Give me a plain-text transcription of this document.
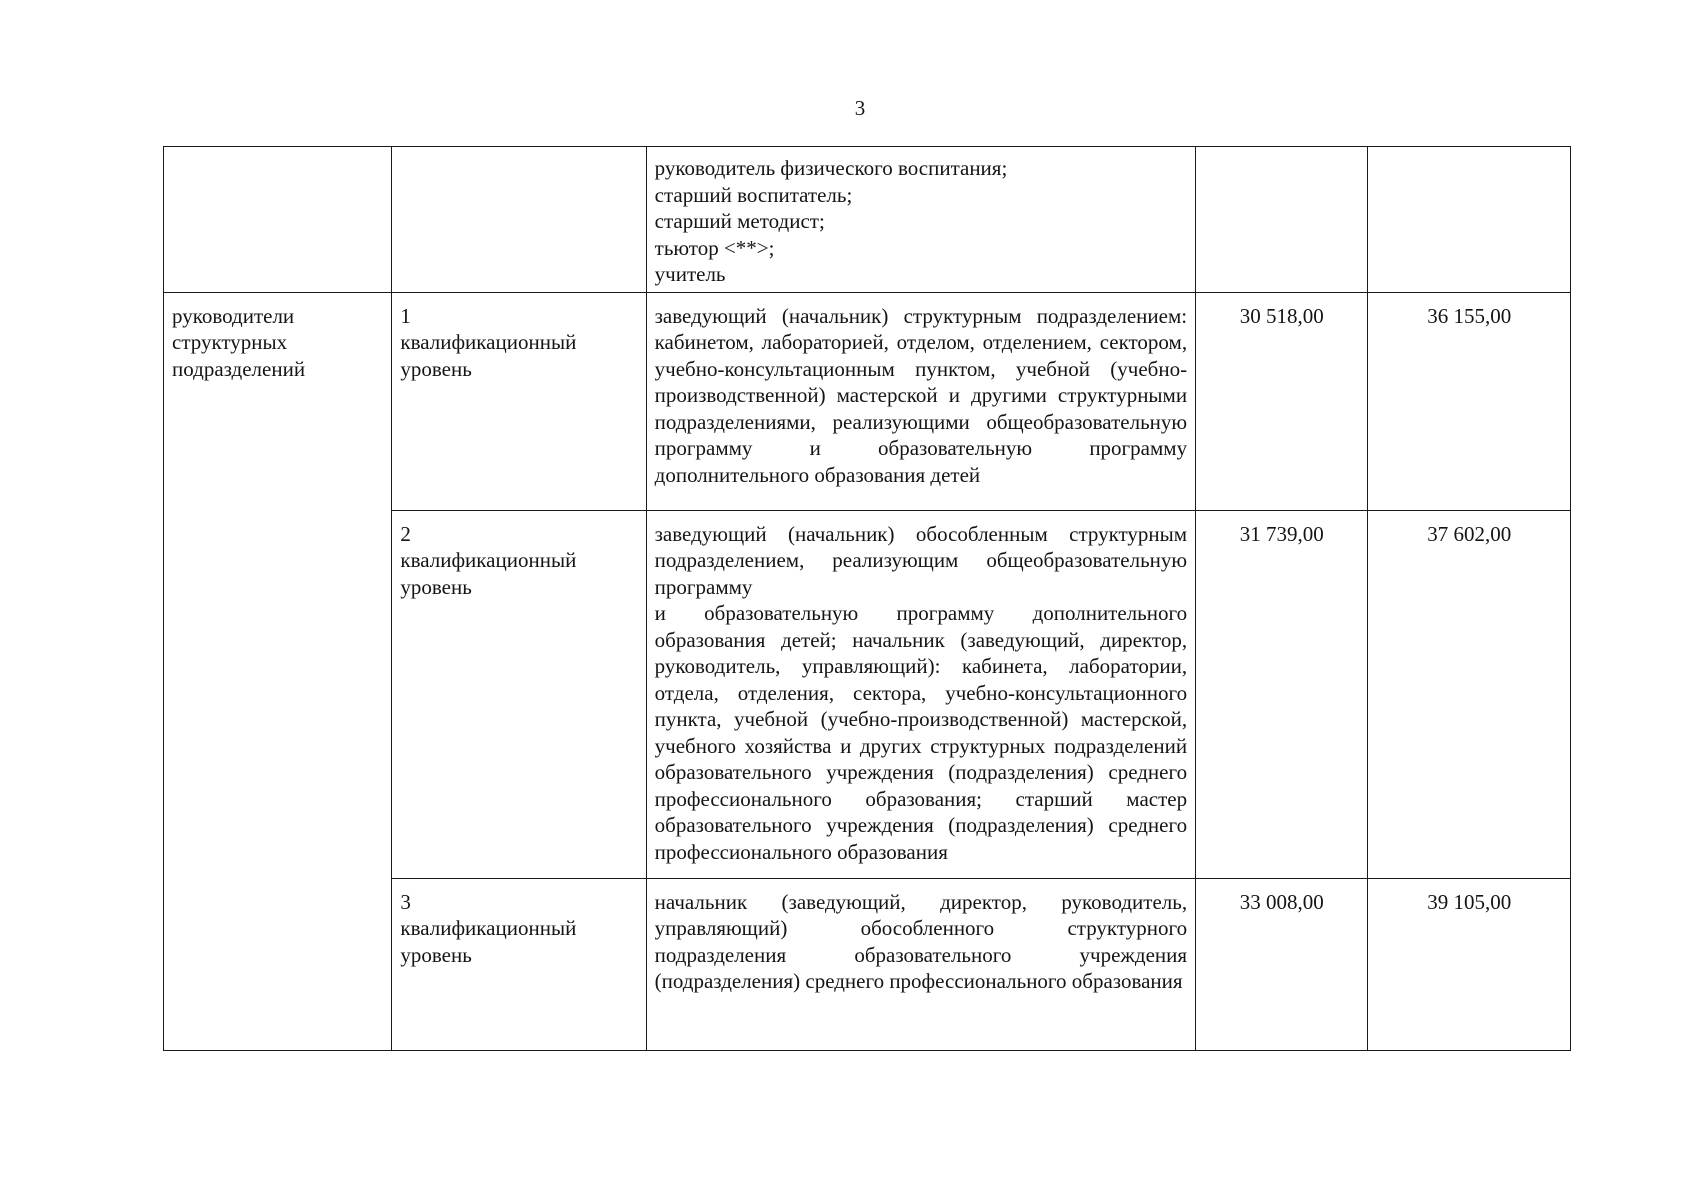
3

		руководитель физического воспитания;
старший воспитатель;
старший методист;
тьютор <**>;
учитель		

руководители структурных подразделений	1 квалификационный уровень	заведующий (начальник) структурным подразделением: кабинетом, лабораторией, отделом, отделением, сектором, учебно-консультационным пунктом, учебной (учебно-производственной) мастерской и другими структурными подразделениями, реализующими общеобразовательную программу и образовательную программу дополнительного образования детей	30 518,00	36 155,00
	2 квалификационный уровень	заведующий (начальник) обособленным структурным подразделением, реализующим общеобразовательную программу
и образовательную программу дополнительного образования детей; начальник (заведующий, директор, руководитель, управляющий): кабинета, лаборатории, отдела, отделения, сектора, учебно-консультационного пункта, учебной (учебно-производственной) мастерской, учебного хозяйства и других структурных подразделений образовательного учреждения (подразделения) среднего профессионального образования; старший мастер образовательного учреждения (подразделения) среднего профессионального образования	31 739,00	37 602,00
	3 квалификационный уровень	начальник (заведующий, директор, руководитель, управляющий) обособленного структурного подразделения образовательного учреждения (подразделения) среднего профессионального образования	33 008,00	39 105,00
